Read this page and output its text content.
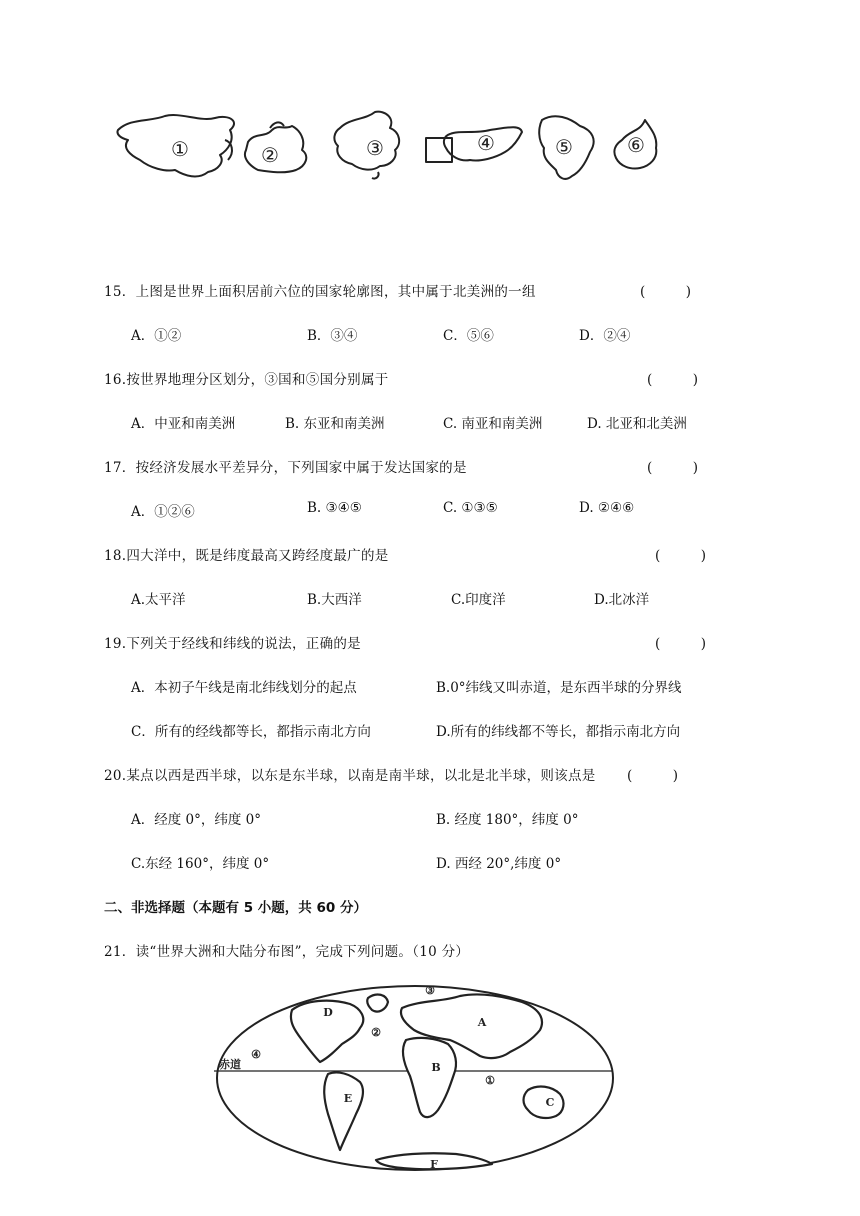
①	②	③	④	⑤	⑥
15．上图是世界上面积居前六位的国家轮廓图，其中属于北美洲的一组	(　　　)
A．①②	B．③④	C．⑤⑥	D．②④
16.按世界地理分区划分，③国和⑤国分别属于	(　　　)
A．中亚和南美洲	B. 东亚和南美洲	C. 南亚和南美洲	D. 北亚和北美洲
17．按经济发展水平差异分，下列国家中属于发达国家的是	(　　　)
A．①②⑥	B. ③④⑤	C. ①③⑤	D. ②④⑥
18.四大洋中，既是纬度最高又跨经度最广的是	(　　　)
A.太平洋	B.大西洋	C.印度洋	D.北冰洋
19.下列关于经线和纬线的说法，正确的是	(　　　)
A．本初子午线是南北纬线划分的起点	B.0°纬线又叫赤道，是东西半球的分界线
C．所有的经线都等长，都指示南北方向	D.所有的纬线都不等长，都指示南北方向
20.某点以西是西半球，以东是东半球，以南是南半球，以北是北半球，则该点是 (　　　)
A．经度 0°，纬度 0°	B. 经度 180°，纬度 0°
C.东经 160°，纬度 0°	D. 西经 20°,纬度 0°
二、非选择题（本题有 5 小题，共 60 分）
21．读“世界大洲和大陆分布图”，完成下列问题。（10 分）
赤道
A
B
C
D
E
F
①
②
③
④
